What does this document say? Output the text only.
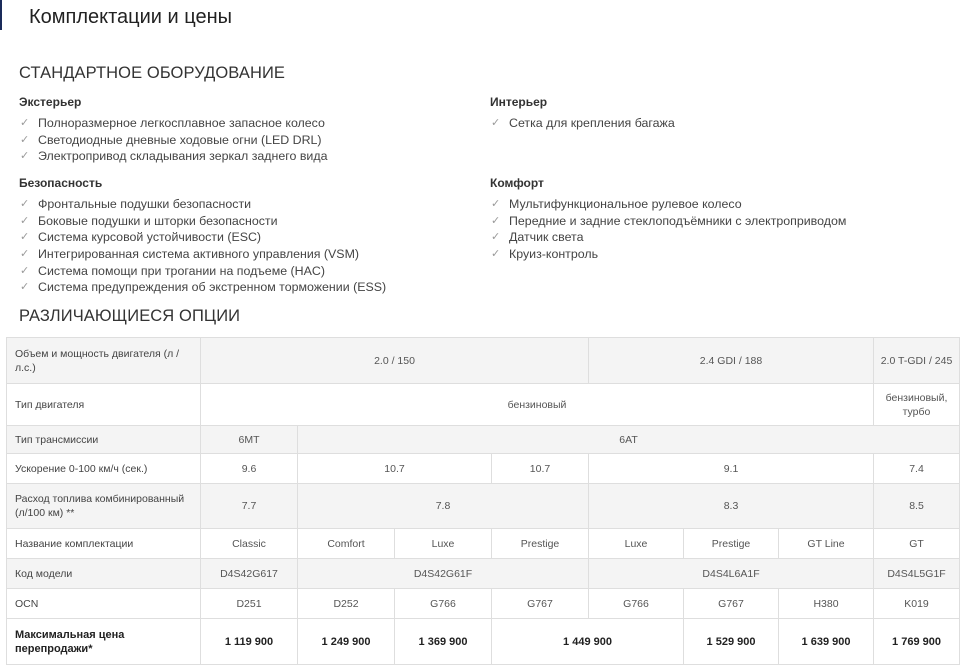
Комплектации и цены
СТАНДАРТНОЕ ОБОРУДОВАНИЕ
Экстерьер
✓ Полноразмерное легкосплавное запасное колесо
✓ Светодиодные дневные ходовые огни (LED DRL)
✓ Электропривод складывания зеркал заднего вида
Интерьер
✓ Сетка для крепления багажа
Безопасность
✓ Фронтальные подушки безопасности
✓ Боковые подушки и шторки безопасности
✓ Система курсовой устойчивости (ESC)
✓ Интегрированная система активного управления (VSM)
✓ Система помощи при трогании на подъеме (HAC)
✓ Система предупреждения об экстренном торможении (ESS)
Комфорт
✓ Мультифункциональное рулевое колесо
✓ Передние и задние стеклоподъёмники с электроприводом
✓ Датчик света
✓ Круиз-контроль
РАЗЛИЧАЮЩИЕСЯ ОПЦИИ
Объем и мощность двигателя (л / л.с.)	2.0 / 150				2.4 GDI / 188			2.0 T-GDI / 245
Тип двигателя	бензиновый							бензиновый, турбо
Тип трансмиссии	6MT	6AT						
Ускорение 0-100 км/ч (сек.)	9.6	10.7		10.7	9.1			7.4
Расход топлива комбинированный (л/100 км) **	7.7	7.8			8.3			8.5
Название комплектации	Classic	Comfort	Luxe	Prestige	Luxe	Prestige	GT Line	GT
Код модели	D4S42G617	D4S42G61F			D4S4L6A1F			D4S4L5G1F
OCN	D251	D252	G766	G767	G766	G767	H380	K019
Максимальная цена перепродажи*	1 119 900	1 249 900	1 369 900	1 449 900		1 529 900	1 639 900	1 769 900
